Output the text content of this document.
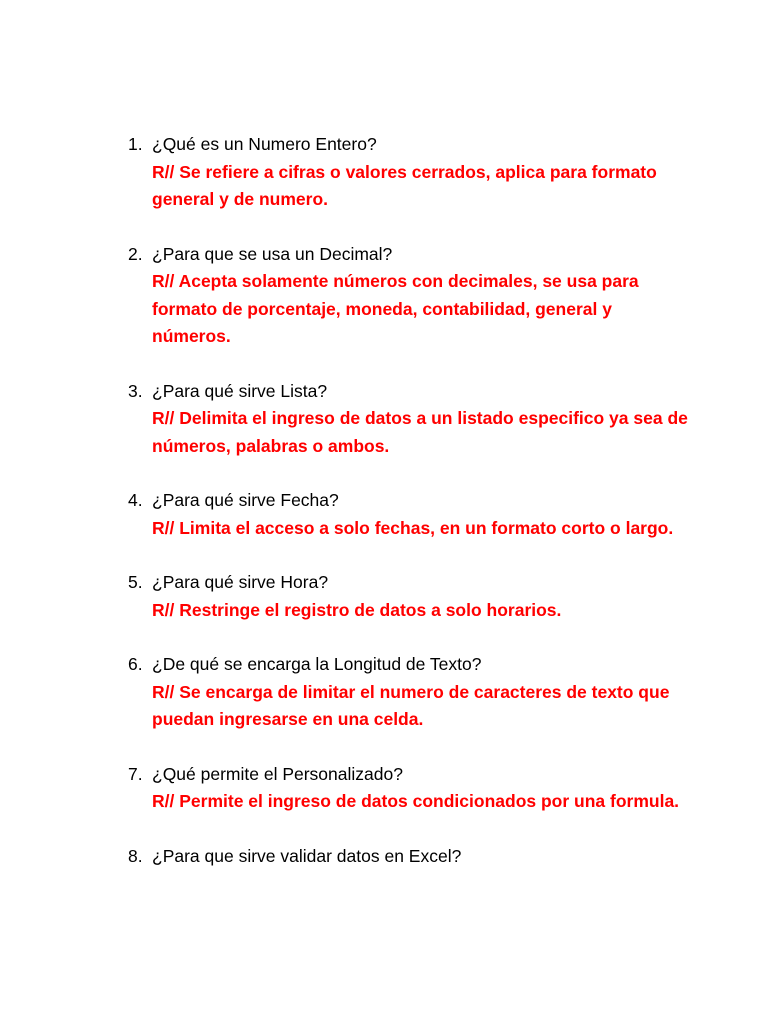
1. ¿Qué es un Numero Entero?

R// Se refiere a cifras o valores cerrados, aplica para formato general y de numero.

2. ¿Para que se usa un Decimal?

R// Acepta solamente números con decimales, se usa para formato de porcentaje, moneda, contabilidad, general y números.

3. ¿Para qué sirve Lista?

R// Delimita el ingreso de datos a un listado especifico ya sea de números, palabras o ambos.

4. ¿Para qué sirve Fecha?

R// Limita el acceso a solo fechas, en un formato corto o largo.

5. ¿Para qué sirve Hora?

R// Restringe el registro de datos a solo horarios.

6. ¿De qué se encarga la Longitud de Texto?

R// Se encarga de limitar el numero de caracteres de texto que puedan ingresarse en una celda.

7. ¿Qué permite el Personalizado?

R// Permite el ingreso de datos condicionados por una formula.

8. ¿Para que sirve validar datos en Excel?
